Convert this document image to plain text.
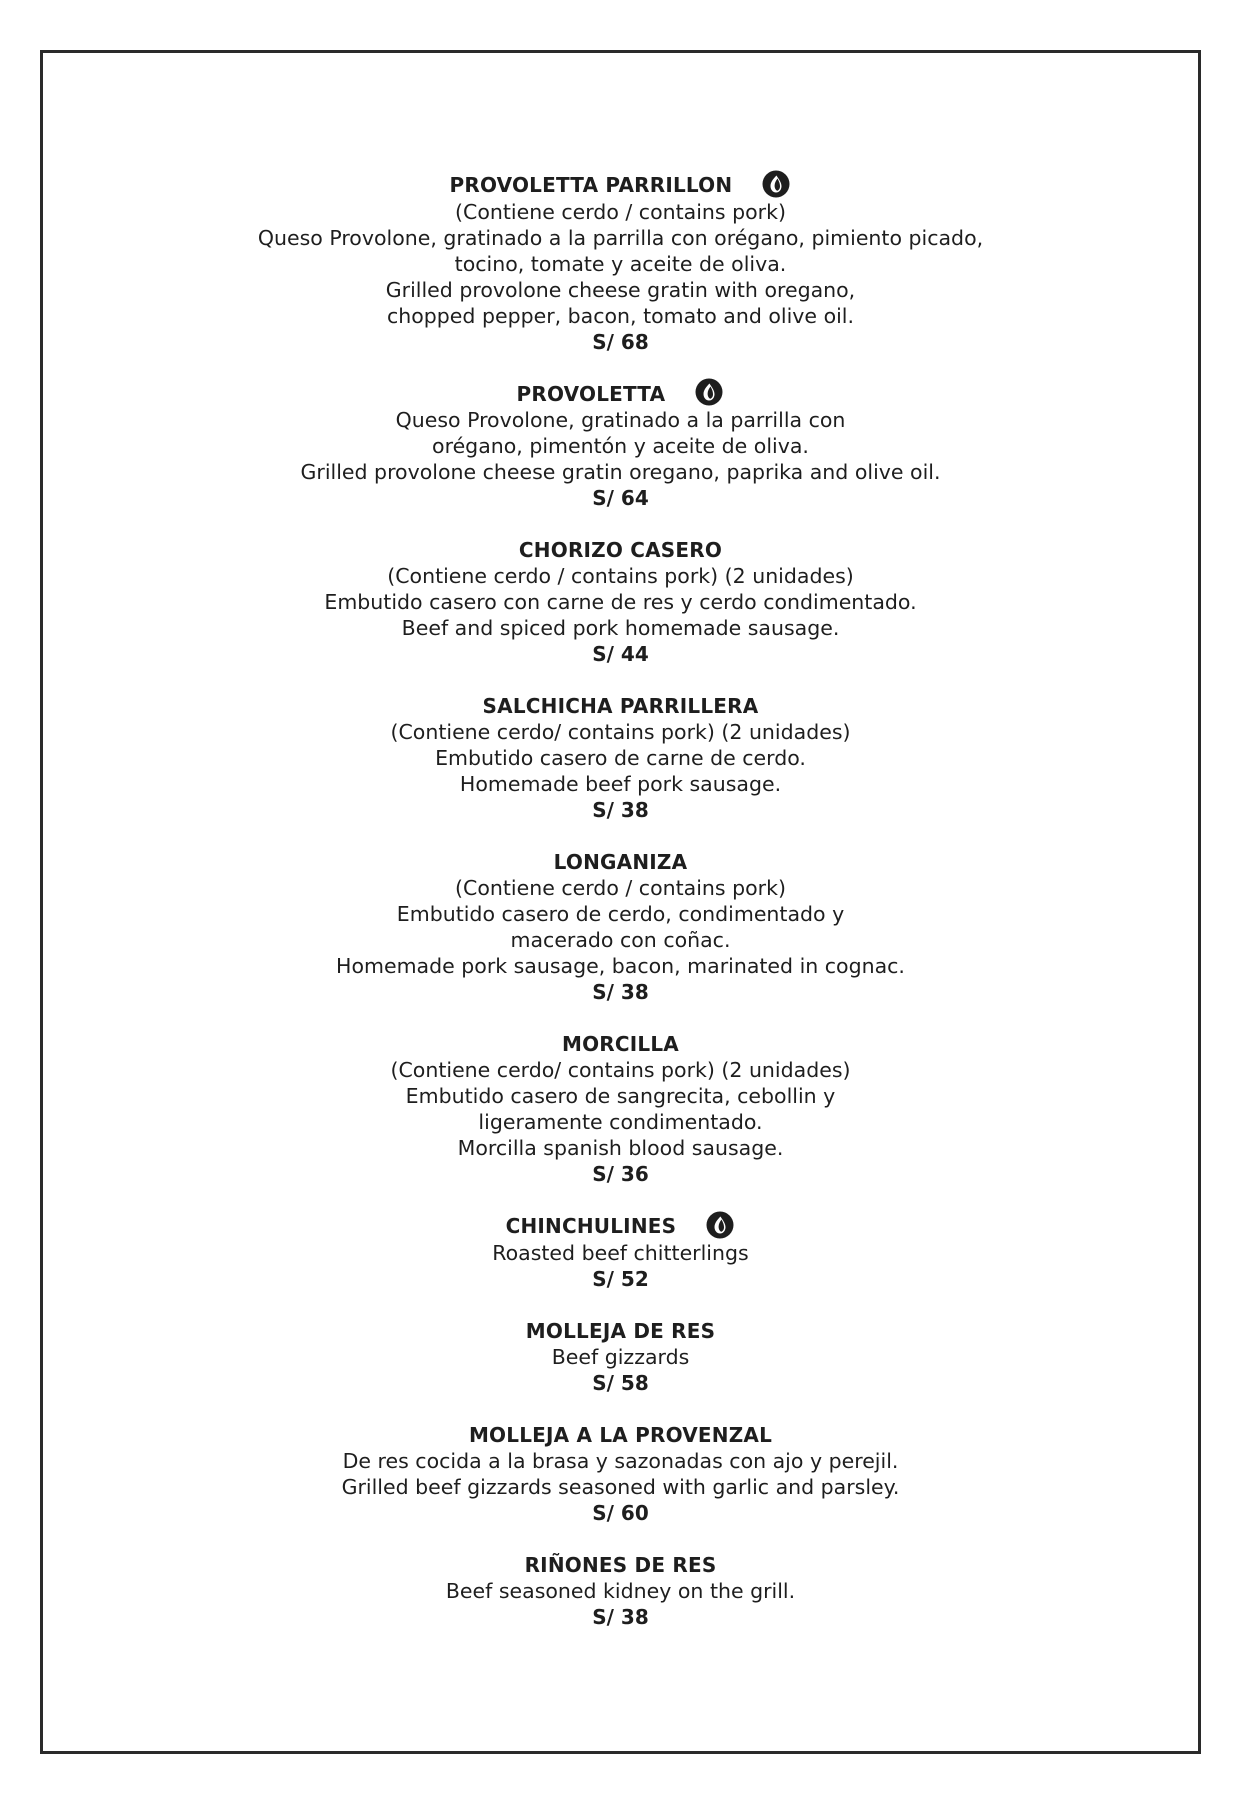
PROVOLETTA PARRILLON
(Contiene cerdo / contains pork)
Queso Provolone, gratinado a la parrilla con orégano, pimiento picado,
tocino, tomate y aceite de oliva.
Grilled provolone cheese gratin with oregano,
chopped pepper, bacon, tomato and olive oil.
S/ 68
PROVOLETTA
Queso Provolone, gratinado a la parrilla con
orégano, pimentón y aceite de oliva.
Grilled provolone cheese gratin oregano, paprika and olive oil.
S/ 64
CHORIZO CASERO
(Contiene cerdo / contains pork) (2 unidades)
Embutido casero con carne de res y cerdo condimentado.
Beef and spiced pork homemade sausage.
S/ 44
SALCHICHA PARRILLERA
(Contiene cerdo/ contains pork) (2 unidades)
Embutido casero de carne de cerdo.
Homemade beef pork sausage.
S/ 38
LONGANIZA
(Contiene cerdo / contains pork)
Embutido casero de cerdo, condimentado y
macerado con coñac.
Homemade pork sausage, bacon, marinated in cognac.
S/ 38
MORCILLA
(Contiene cerdo/ contains pork) (2 unidades)
Embutido casero de sangrecita, cebollin y
ligeramente condimentado.
Morcilla spanish blood sausage.
S/ 36
CHINCHULINES
Roasted beef chitterlings
S/ 52
MOLLEJA DE RES
Beef gizzards
S/ 58
MOLLEJA A LA PROVENZAL
De res cocida a la brasa y sazonadas con ajo y perejil.
Grilled beef gizzards seasoned with garlic and parsley.
S/ 60
RIÑONES DE RES
Beef seasoned kidney on the grill.
S/ 38
